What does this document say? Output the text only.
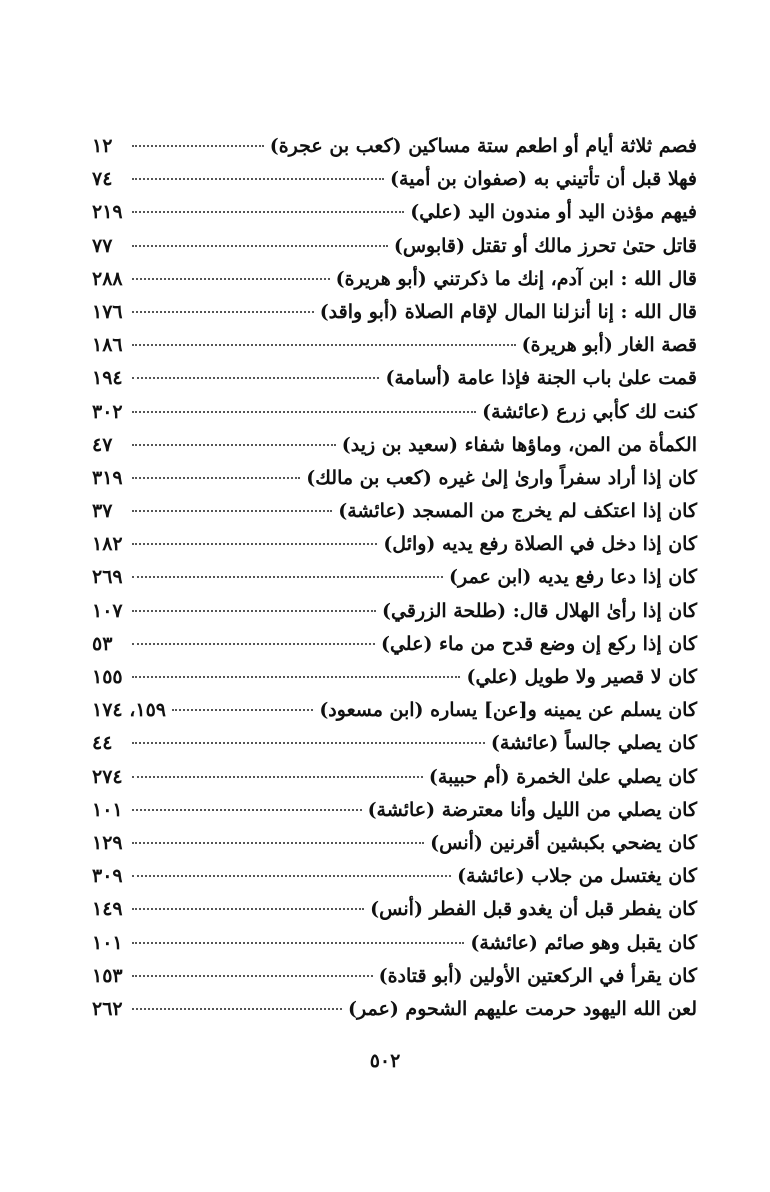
فصم ثلاثة أيام أو اطعم ستة مساكين (كعب بن عجرة)
١٢
فهلا قبل أن تأتيني به (صفوان بن أمية)
٧٤
فيهم مؤذن اليد أو مندون اليد (علي)
٢١٩
قاتل حتىٰ تحرز مالك أو تقتل (قابوس)
٧٧
قال الله : ابن آدم، إنك ما ذكرتني (أبو هريرة)
٢٨٨
قال الله : إنا أنزلنا المال لإقام الصلاة (أبو واقد)
١٧٦
قصة الغار (أبو هريرة)
١٨٦
قمت علىٰ باب الجنة فإذا عامة (أسامة)
١٩٤
كنت لك كأبي زرع (عائشة)
٣٠٢
الكمأة من المن، وماؤها شفاء (سعيد بن زيد)
٤٧
كان إذا أراد سفراً وارىٰ إلىٰ غيره (كعب بن مالك)
٣١٩
كان إذا اعتكف لم يخرج من المسجد (عائشة)
٣٧
كان إذا دخل في الصلاة رفع يديه (وائل)
١٨٢
كان إذا دعا رفع يديه (ابن عمر)
٢٦٩
كان إذا رأىٰ الهلال قال: (طلحة الزرقي)
١٠٧
كان إذا ركع إن وضع قدح من ماء (علي)
٥٣
كان لا قصير ولا طويل (علي)
١٥٥
كان يسلم عن يمينه و[عن] يساره (ابن مسعود)
١٥٩، ١٧٤
كان يصلي جالساً (عائشة)
٤٤
كان يصلي علىٰ الخمرة (أم حبيبة)
٢٧٤
كان يصلي من الليل وأنا معترضة (عائشة)
١٠١
كان يضحي بكبشين أقرنين (أنس)
١٢٩
كان يغتسل من جلاب (عائشة)
٣٠٩
كان يفطر قبل أن يغدو قبل الفطر (أنس)
١٤٩
كان يقبل وهو صائم (عائشة)
١٠١
كان يقرأ في الركعتين الأولين (أبو قتادة)
١٥٣
لعن الله اليهود حرمت عليهم الشحوم (عمر)
٢٦٢
٥٠٢
